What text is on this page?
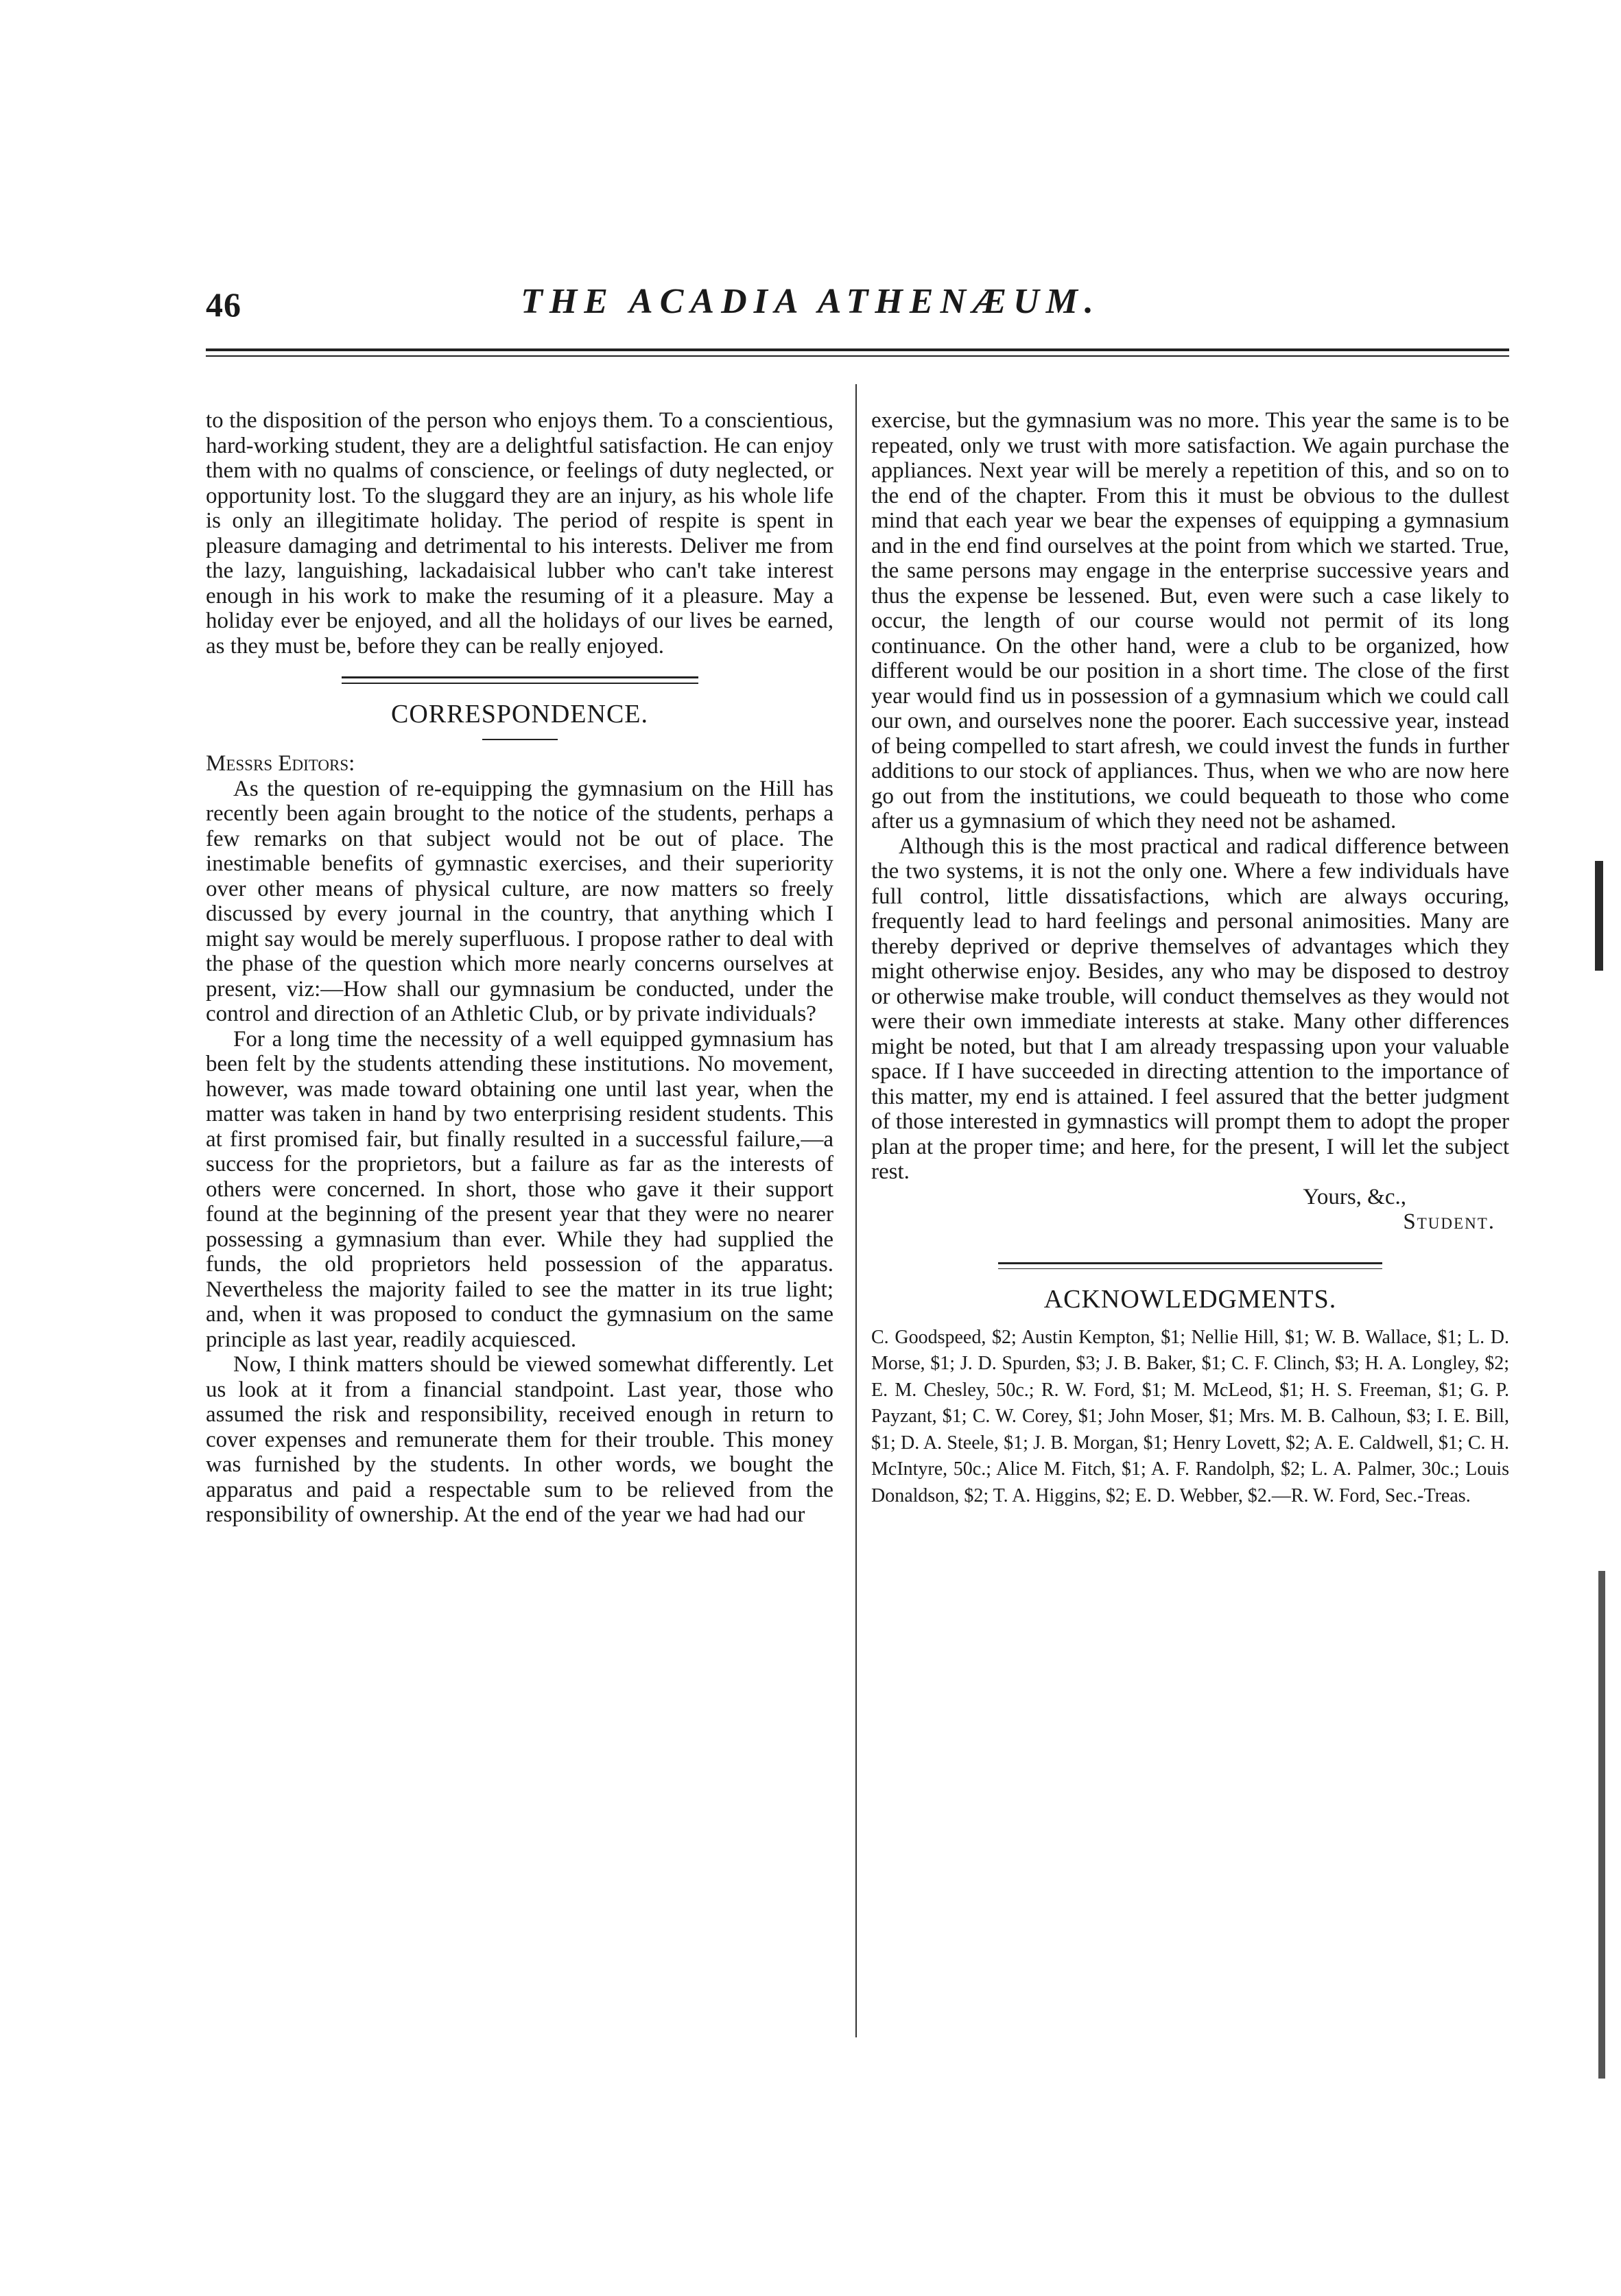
46	THE ACADIA ATHENÆUM.

to the disposition of the person who enjoys them. To a conscientious, hard-working student, they are a delightful satisfaction. He can enjoy them with no qualms of conscience, or feelings of duty neglected, or opportunity lost. To the sluggard they are an injury, as his whole life is only an illegitimate holiday. The period of respite is spent in pleasure damaging and detrimental to his interests. Deliver me from the lazy, languishing, lackadaisical lubber who can't take interest enough in his work to make the resuming of it a pleasure. May a holiday ever be enjoyed, and all the holidays of our lives be earned, as they must be, before they can be really enjoyed.

CORRESPONDENCE.

Messrs Editors:

As the question of re-equipping the gymnasium on the Hill has recently been again brought to the notice of the students, perhaps a few remarks on that subject would not be out of place. The inestimable benefits of gymnastic exercises, and their superiority over other means of physical culture, are now matters so freely discussed by every journal in the country, that anything which I might say would be merely superfluous. I propose rather to deal with the phase of the question which more nearly concerns ourselves at present, viz:—How shall our gymnasium be conducted, under the control and direction of an Athletic Club, or by private individuals?

For a long time the necessity of a well equipped gymnasium has been felt by the students attending these institutions. No movement, however, was made toward obtaining one until last year, when the matter was taken in hand by two enterprising resident students. This at first promised fair, but finally resulted in a successful failure,—a success for the proprietors, but a failure as far as the interests of others were concerned. In short, those who gave it their support found at the beginning of the present year that they were no nearer possessing a gymnasium than ever. While they had supplied the funds, the old proprietors held possession of the apparatus. Nevertheless the majority failed to see the matter in its true light; and, when it was proposed to conduct the gymnasium on the same principle as last year, readily acquiesced.

Now, I think matters should be viewed somewhat differently. Let us look at it from a financial standpoint. Last year, those who assumed the risk and responsibility, received enough in return to cover expenses and remunerate them for their trouble. This money was furnished by the students. In other words, we bought the apparatus and paid a respectable sum to be relieved from the responsibility of ownership. At the end of the year we had had our

exercise, but the gymnasium was no more. This year the same is to be repeated, only we trust with more satisfaction. We again purchase the appliances. Next year will be merely a repetition of this, and so on to the end of the chapter. From this it must be obvious to the dullest mind that each year we bear the expenses of equipping a gymnasium and in the end find ourselves at the point from which we started. True, the same persons may engage in the enterprise successive years and thus the expense be lessened. But, even were such a case likely to occur, the length of our course would not permit of its long continuance. On the other hand, were a club to be organized, how different would be our position in a short time. The close of the first year would find us in possession of a gymnasium which we could call our own, and ourselves none the poorer. Each successive year, instead of being compelled to start afresh, we could invest the funds in further additions to our stock of appliances. Thus, when we who are now here go out from the institutions, we could bequeath to those who come after us a gymnasium of which they need not be ashamed.

Although this is the most practical and radical difference between the two systems, it is not the only one. Where a few individuals have full control, little dissatisfactions, which are always occuring, frequently lead to hard feelings and personal animosities. Many are thereby deprived or deprive themselves of advantages which they might otherwise enjoy. Besides, any who may be disposed to destroy or otherwise make trouble, will conduct themselves as they would not were their own immediate interests at stake. Many other differences might be noted, but that I am already trespassing upon your valuable space. If I have succeeded in directing attention to the importance of this matter, my end is attained. I feel assured that the better judgment of those interested in gymnastics will prompt them to adopt the proper plan at the proper time; and here, for the present, I will let the subject rest.

Yours, &c.,

Student.

ACKNOWLEDGMENTS.

C. Goodspeed, $2; Austin Kempton, $1; Nellie Hill, $1; W. B. Wallace, $1; L. D. Morse, $1; J. D. Spurden, $3; J. B. Baker, $1; C. F. Clinch, $3; H. A. Longley, $2; E. M. Chesley, 50c.; R. W. Ford, $1; M. McLeod, $1; H. S. Freeman, $1; G. P. Payzant, $1; C. W. Corey, $1; John Moser, $1; Mrs. M. B. Calhoun, $3; I. E. Bill, $1; D. A. Steele, $1; J. B. Morgan, $1; Henry Lovett, $2; A. E. Caldwell, $1; C. H. McIntyre, 50c.; Alice M. Fitch, $1; A. F. Randolph, $2; L. A. Palmer, 30c.; Louis Donaldson, $2; T. A. Higgins, $2; E. D. Webber, $2.—R. W. Ford, Sec.-Treas.
